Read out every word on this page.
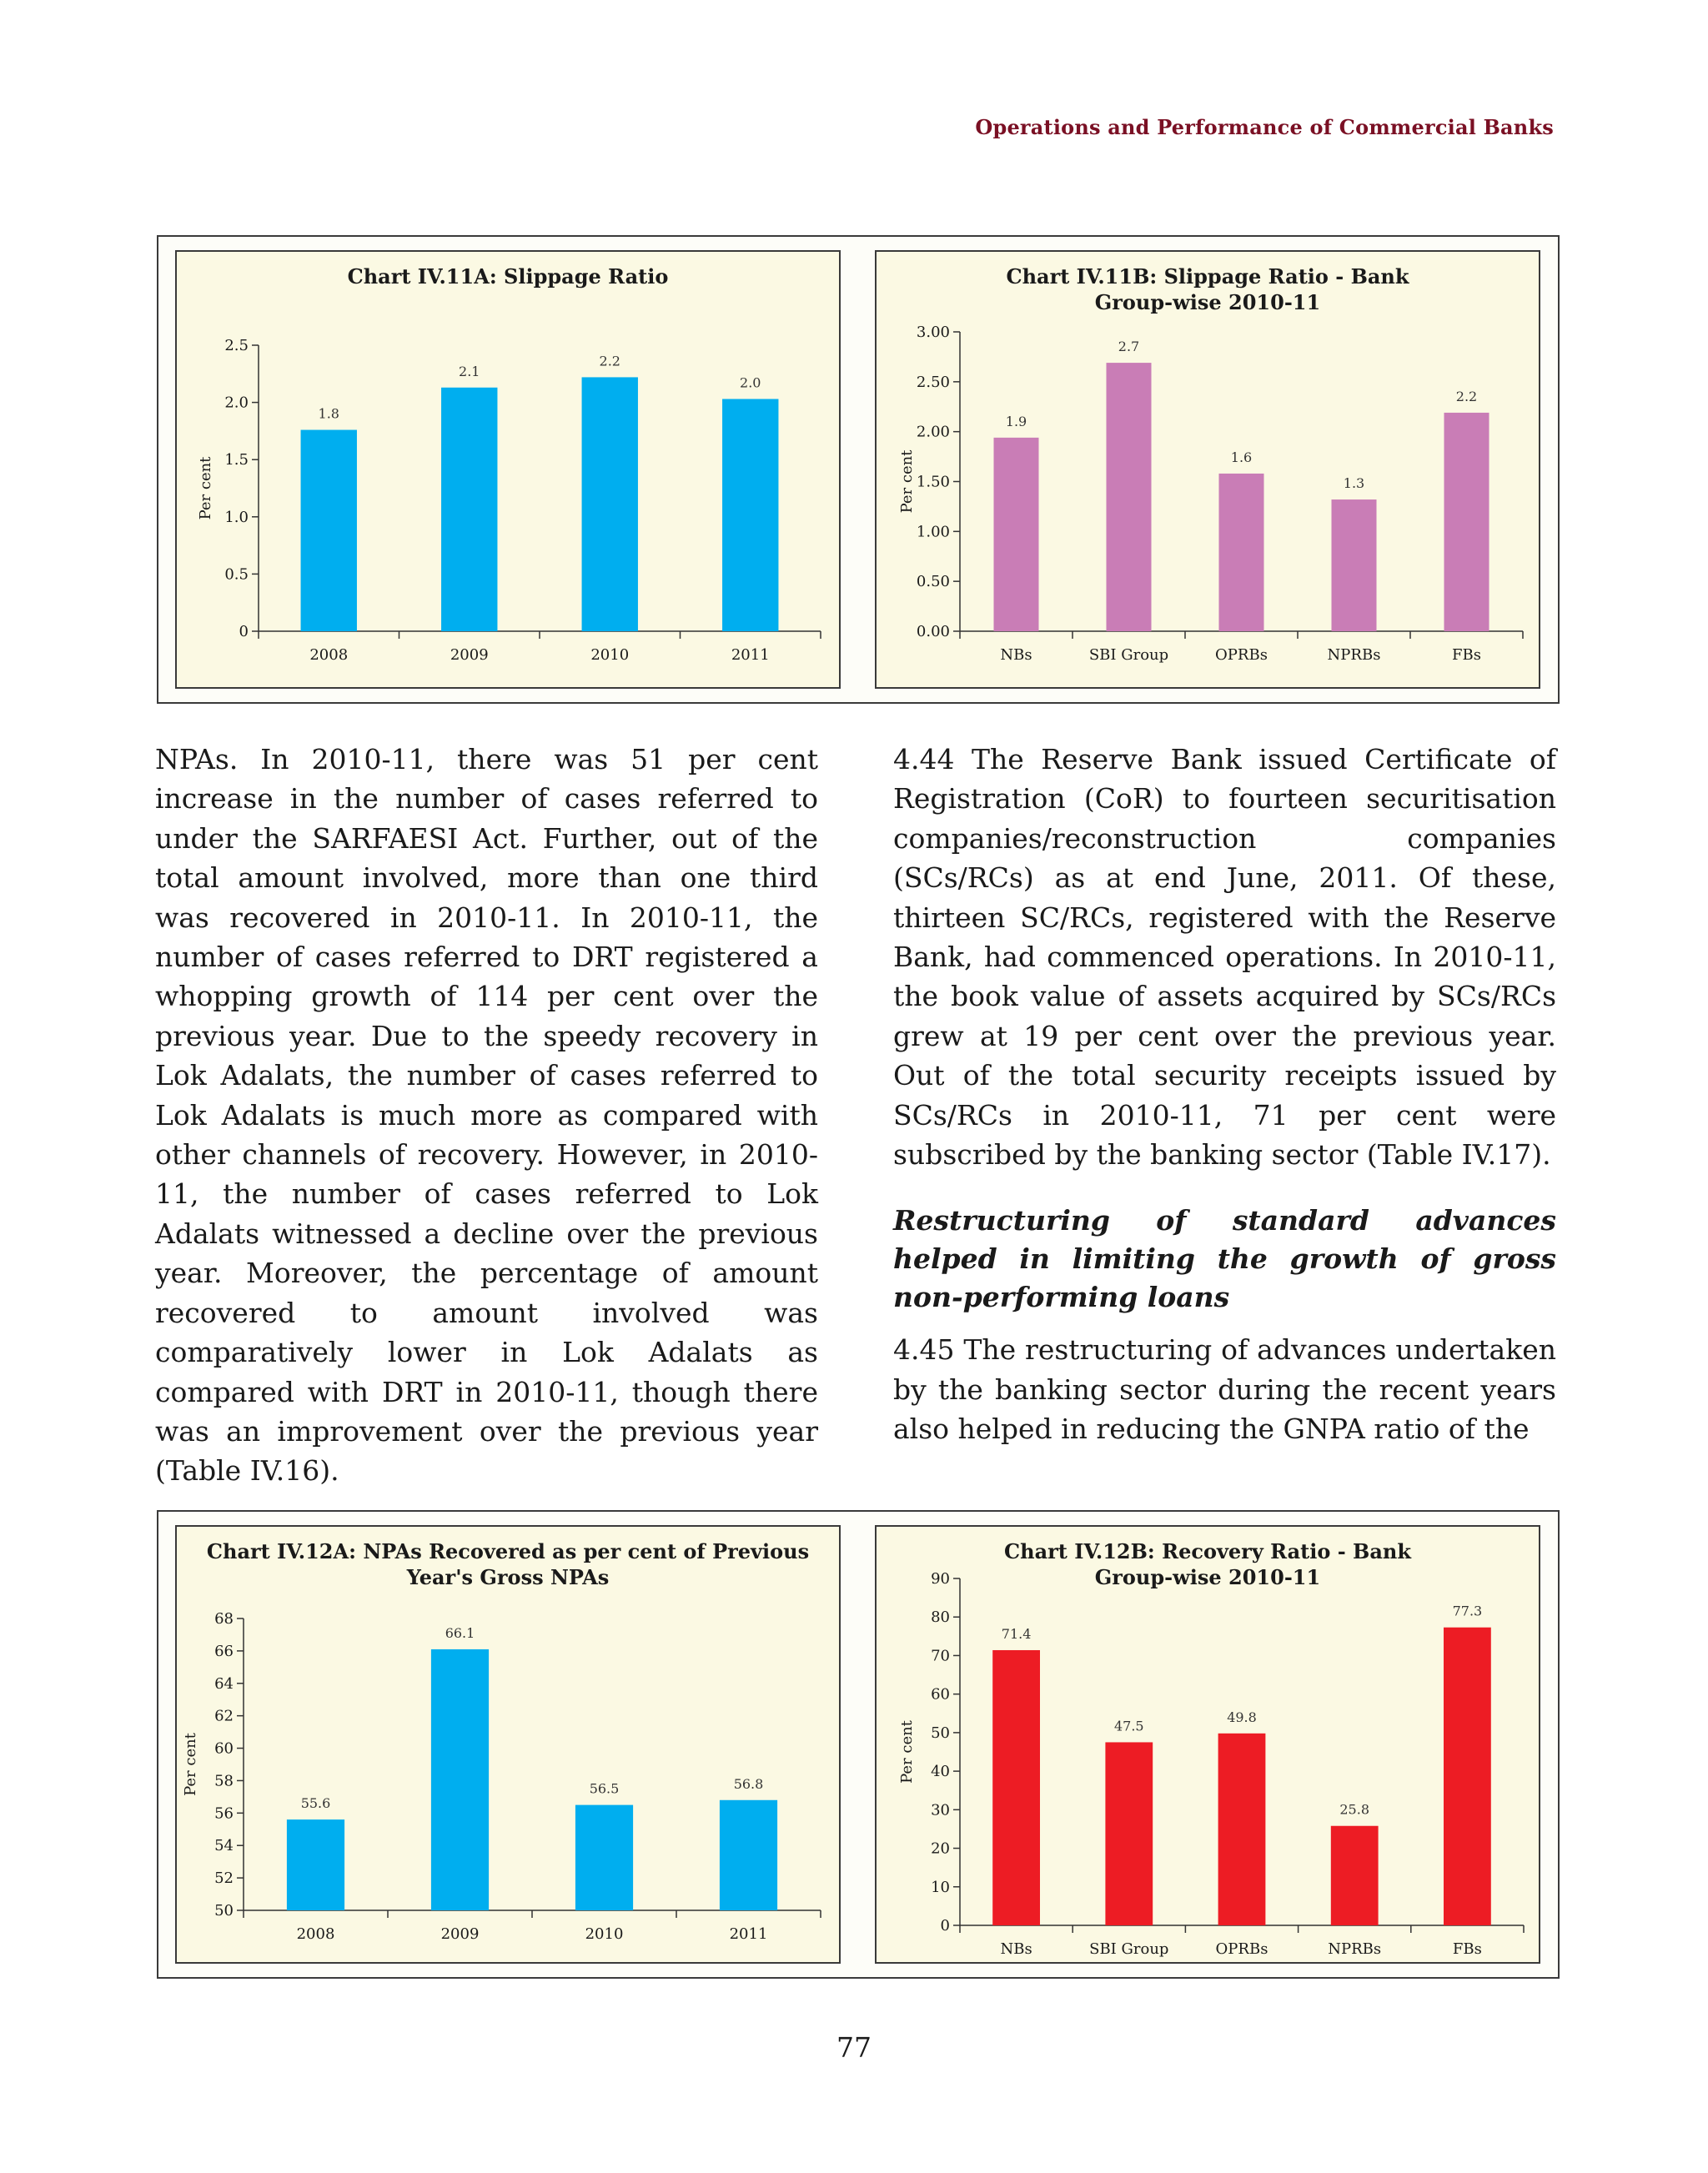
Operations and Performance of Commercial Banks
Chart IV.11A: Slippage Ratio
0
0.5
1.0
1.5
2.0
2.5
Per cent
1.8
2008
2.1
2009
2.2
2010
2.0
2011
Chart IV.11B: Slippage Ratio - Bank
Group-wise 2010-11
0.00
0.50
1.00
1.50
2.00
2.50
3.00
Per cent
1.9
NBs
2.7
SBI Group
1.6
OPRBs
1.3
NPRBs
2.2
FBs

NPAs. In 2010-11, there was 51 per cent increase in the number of cases referred to under the SARFAESI Act. Further, out of the total amount involved, more than one third was recovered in 2010-11. In 2010-11, the number of cases referred to DRT registered a whopping growth of 114 per cent over the previous year. Due to the speedy recovery in Lok Adalats, the number of cases referred to Lok Adalats is much more as compared with other channels of recovery. However, in 2010-11, the number of cases referred to Lok Adalats witnessed a decline over the previous year. Moreover, the percentage of amount recovered to amount involved was comparatively lower in Lok Adalats as compared with DRT in 2010-11, though there was an improvement over the previous year (Table IV.16).

4.44 The Reserve Bank issued Certificate of Registration (CoR) to fourteen securitisation companies/reconstruction companies (SCs/RCs) as at end June, 2011. Of these, thirteen SC/RCs, registered with the Reserve Bank, had commenced operations. In 2010-11, the book value of assets acquired by SCs/RCs grew at 19 per cent over the previous year. Out of the total security receipts issued by SCs/RCs in 2010-11, 71 per cent were subscribed by the banking sector (Table IV.17).

Restructuring of standard advances helped in limiting the growth of gross non-performing loans

4.45 The restructuring of advances undertaken by the banking sector during the recent years also helped in reducing the GNPA ratio of the

Chart IV.12A: NPAs Recovered as per cent of Previous
Year's Gross NPAs
50
52
54
56
58
60
62
64
66
68
Per cent
55.6
2008
66.1
2009
56.5
2010
56.8
2011
Chart IV.12B: Recovery Ratio - Bank
Group-wise 2010-11
0
10
20
30
40
50
60
70
80
90
Per cent
71.4
NBs
47.5
SBI Group
49.8
OPRBs
25.8
NPRBs
77.3
FBs
77
